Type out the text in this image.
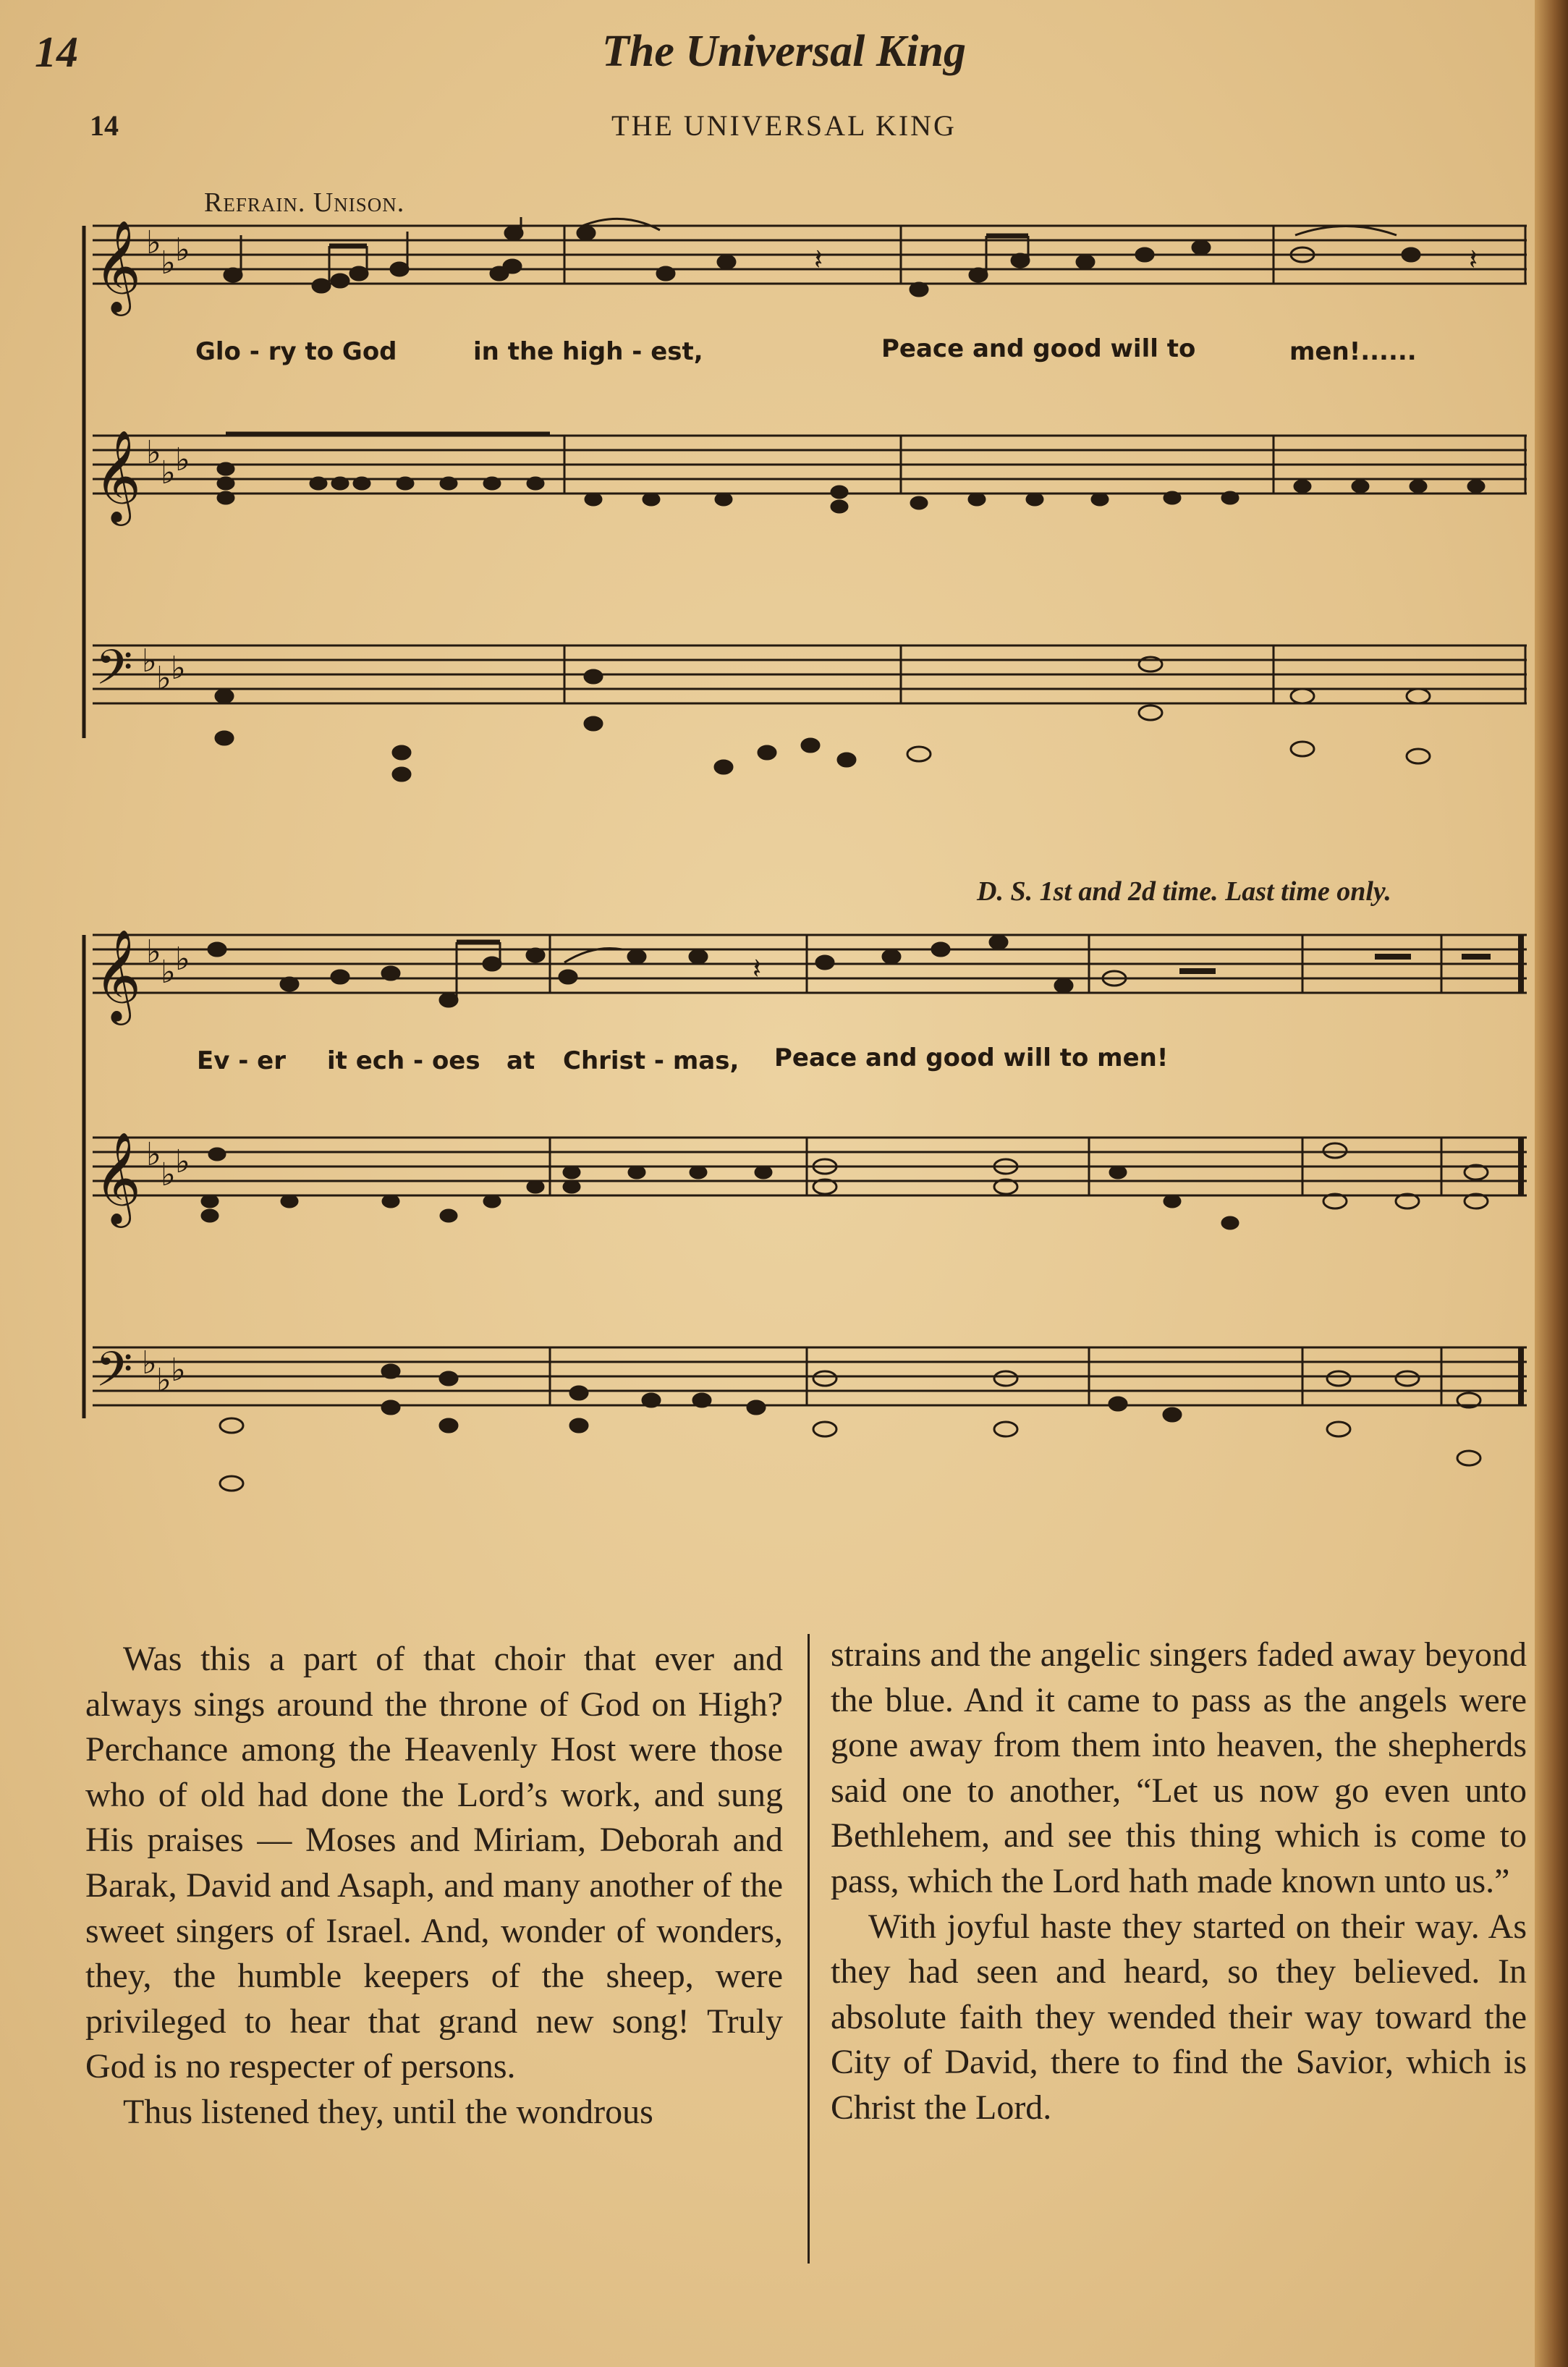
14	The Universal King
14	THE UNIVERSAL KING
𝄞
𝄞
𝄢
𝄞
𝄞
𝄢
♭
♭ ♭
♭
♭ ♭
♭ ♭ ♭
♭
♭ ♭
♭
♭ ♭
♭ ♭ ♭
𝄽	𝄽
𝄽
Refrain. Unison.
Glo - ry to God	in the high - est,	Peace and good will to	men!......
D. S. 1st and 2d time. Last time only.
Ev - er it ech - oes at Christ - mas, Peace and good will to men!

Was this a part of that choir that ever and always sings around the throne of God on High? Perchance among the Heavenly Host were those who of old had done the Lord’s work, and sung His praises — Moses and Miriam, Deborah and Barak, David and Asaph, and many another of the sweet singers of Israel. And, wonder of wonders, they, the humble keepers of the sheep, were privileged to hear that grand new song! Truly God is no respecter of persons.

Thus listened they, until the wondrous

strains and the angelic singers faded away beyond the blue. And it came to pass as the angels were gone away from them into heaven, the shepherds said one to another, “Let us now go even unto Bethlehem, and see this thing which is come to pass, which the Lord hath made known unto us.”

With joyful haste they started on their way. As they had seen and heard, so they believed. In absolute faith they wended their way toward the City of David, there to find the Savior, which is Christ the Lord.
